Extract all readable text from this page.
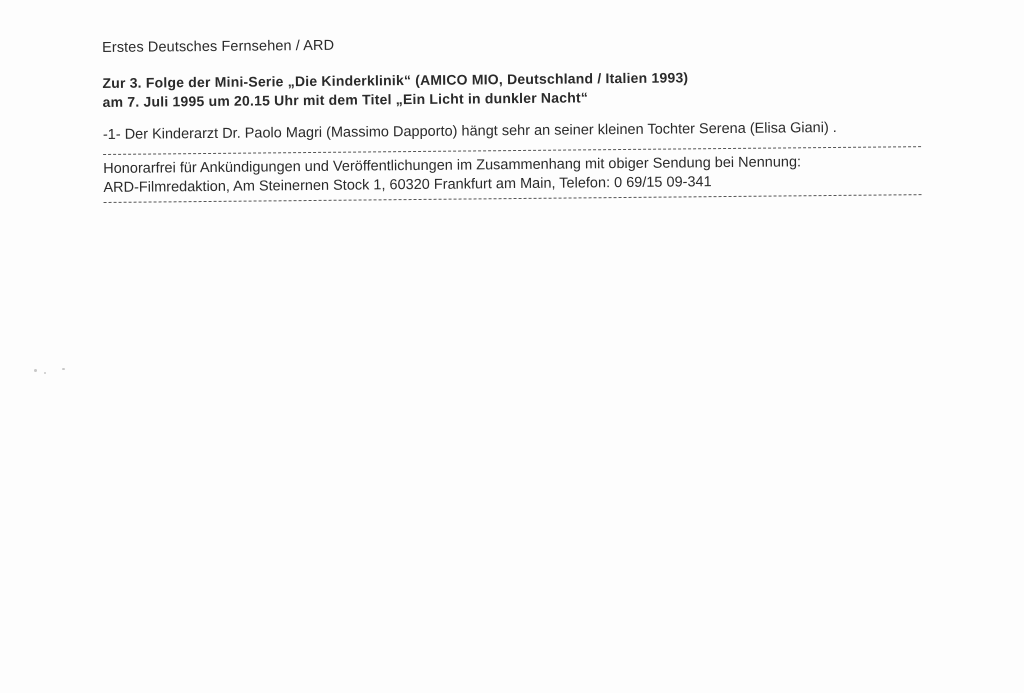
Erstes Deutsches Fernsehen / ARD
Zur 3. Folge der Mini-Serie „Die Kinderklinik“ (AMICO MIO, Deutschland / Italien 1993)
am 7. Juli 1995 um 20.15 Uhr mit dem Titel „Ein Licht in dunkler Nacht“
-1- Der Kinderarzt Dr. Paolo Magri (Massimo Dapporto) hängt sehr an seiner kleinen Tochter Serena (Elisa Giani) .
Honorarfrei für Ankündigungen und Veröffentlichungen im Zusammenhang mit obiger Sendung bei Nennung:
ARD-Filmredaktion, Am Steinernen Stock 1, 60320 Frankfurt am Main, Telefon: 0 69/15 09-341
